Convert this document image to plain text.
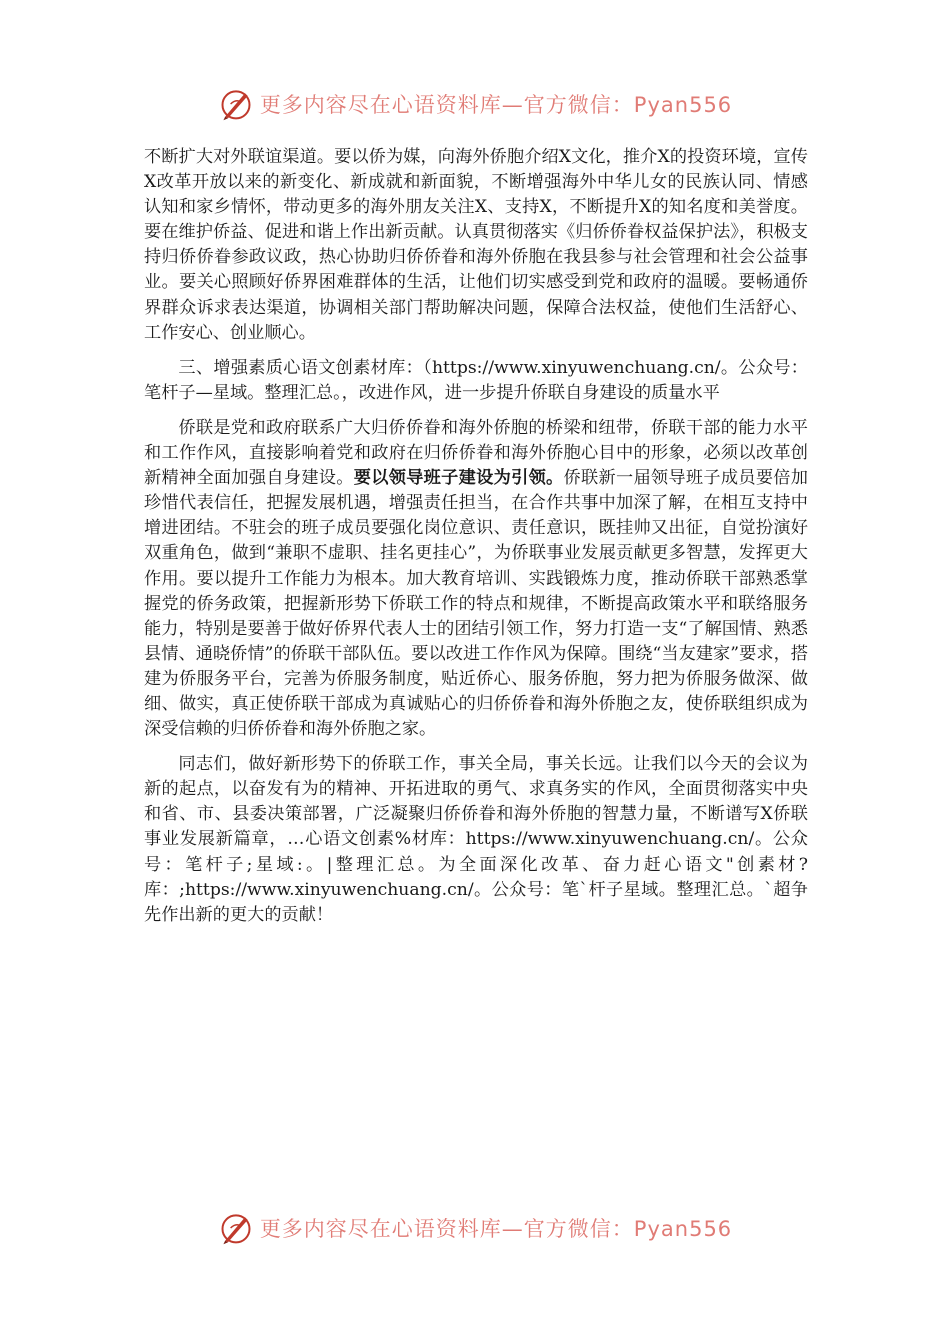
更多内容尽在心语资料库—官方微信：Pyan556

不断扩大对外联谊渠道。要以侨为媒，向海外侨胞介绍X文化，推介X的投资环境，宣传X改革开放以来的新变化、新成就和新面貌，不断增强海外中华儿女的民族认同、情感认知和家乡情怀，带动更多的海外朋友关注X、支持X，不断提升X的知名度和美誉度。要在维护侨益、促进和谐上作出新贡献。认真贯彻落实《归侨侨眷权益保护法》，积极支持归侨侨眷参政议政，热心协助归侨侨眷和海外侨胞在我县参与社会管理和社会公益事业。要关心照顾好侨界困难群体的生活，让他们切实感受到党和政府的温暖。要畅通侨界群众诉求表达渠道，协调相关部门帮助解决问题，保障合法权益，使他们生活舒心、工作安心、创业顺心。

三、增强素质心语文创素材库：（https://www.xinyuwenchuang.cn/。公众号：笔杆子—星域。整理汇总。，改进作风，进一步提升侨联自身建设的质量水平

侨联是党和政府联系广大归侨侨眷和海外侨胞的桥梁和纽带，侨联干部的能力水平和工作作风，直接影响着党和政府在归侨侨眷和海外侨胞心目中的形象，必须以改革创新精神全面加强自身建设。要以领导班子建设为引领。侨联新一届领导班子成员要倍加珍惜代表信任，把握发展机遇，增强责任担当，在合作共事中加深了解，在相互支持中增进团结。不驻会的班子成员要强化岗位意识、责任意识，既挂帅又出征，自觉扮演好双重角色，做到“兼职不虚职、挂名更挂心”，为侨联事业发展贡献更多智慧，发挥更大作用。要以提升工作能力为根本。加大教育培训、实践锻炼力度，推动侨联干部熟悉掌握党的侨务政策，把握新形势下侨联工作的特点和规律，不断提高政策水平和联络服务能力，特别是要善于做好侨界代表人士的团结引领工作，努力打造一支“了解国情、熟悉县情、通晓侨情”的侨联干部队伍。要以改进工作作风为保障。围绕“当友建家”要求，搭建为侨服务平台，完善为侨服务制度，贴近侨心、服务侨胞，努力把为侨服务做深、做细、做实，真正使侨联干部成为真诚贴心的归侨侨眷和海外侨胞之友，使侨联组织成为深受信赖的归侨侨眷和海外侨胞之家。

同志们，做好新形势下的侨联工作，事关全局，事关长远。让我们以今天的会议为新的起点，以奋发有为的精神、开拓进取的勇气、求真务实的作风，全面贯彻落实中央和省、市、县委决策部署，广泛凝聚归侨侨眷和海外侨胞的智慧力量，不断谱写X侨联事业发展新篇章，…心语文创素%材库：https://www.xinyuwenchuang.cn/。公众号：笔杆子;星域:。|整理汇总。为全面深化改革、奋力赶心语文"创素材?库：;https://www.xinyuwenchuang.cn/。公众号：笔`杆子星域。整理汇总。`超争先作出新的更大的贡献！

更多内容尽在心语资料库—官方微信：Pyan556
